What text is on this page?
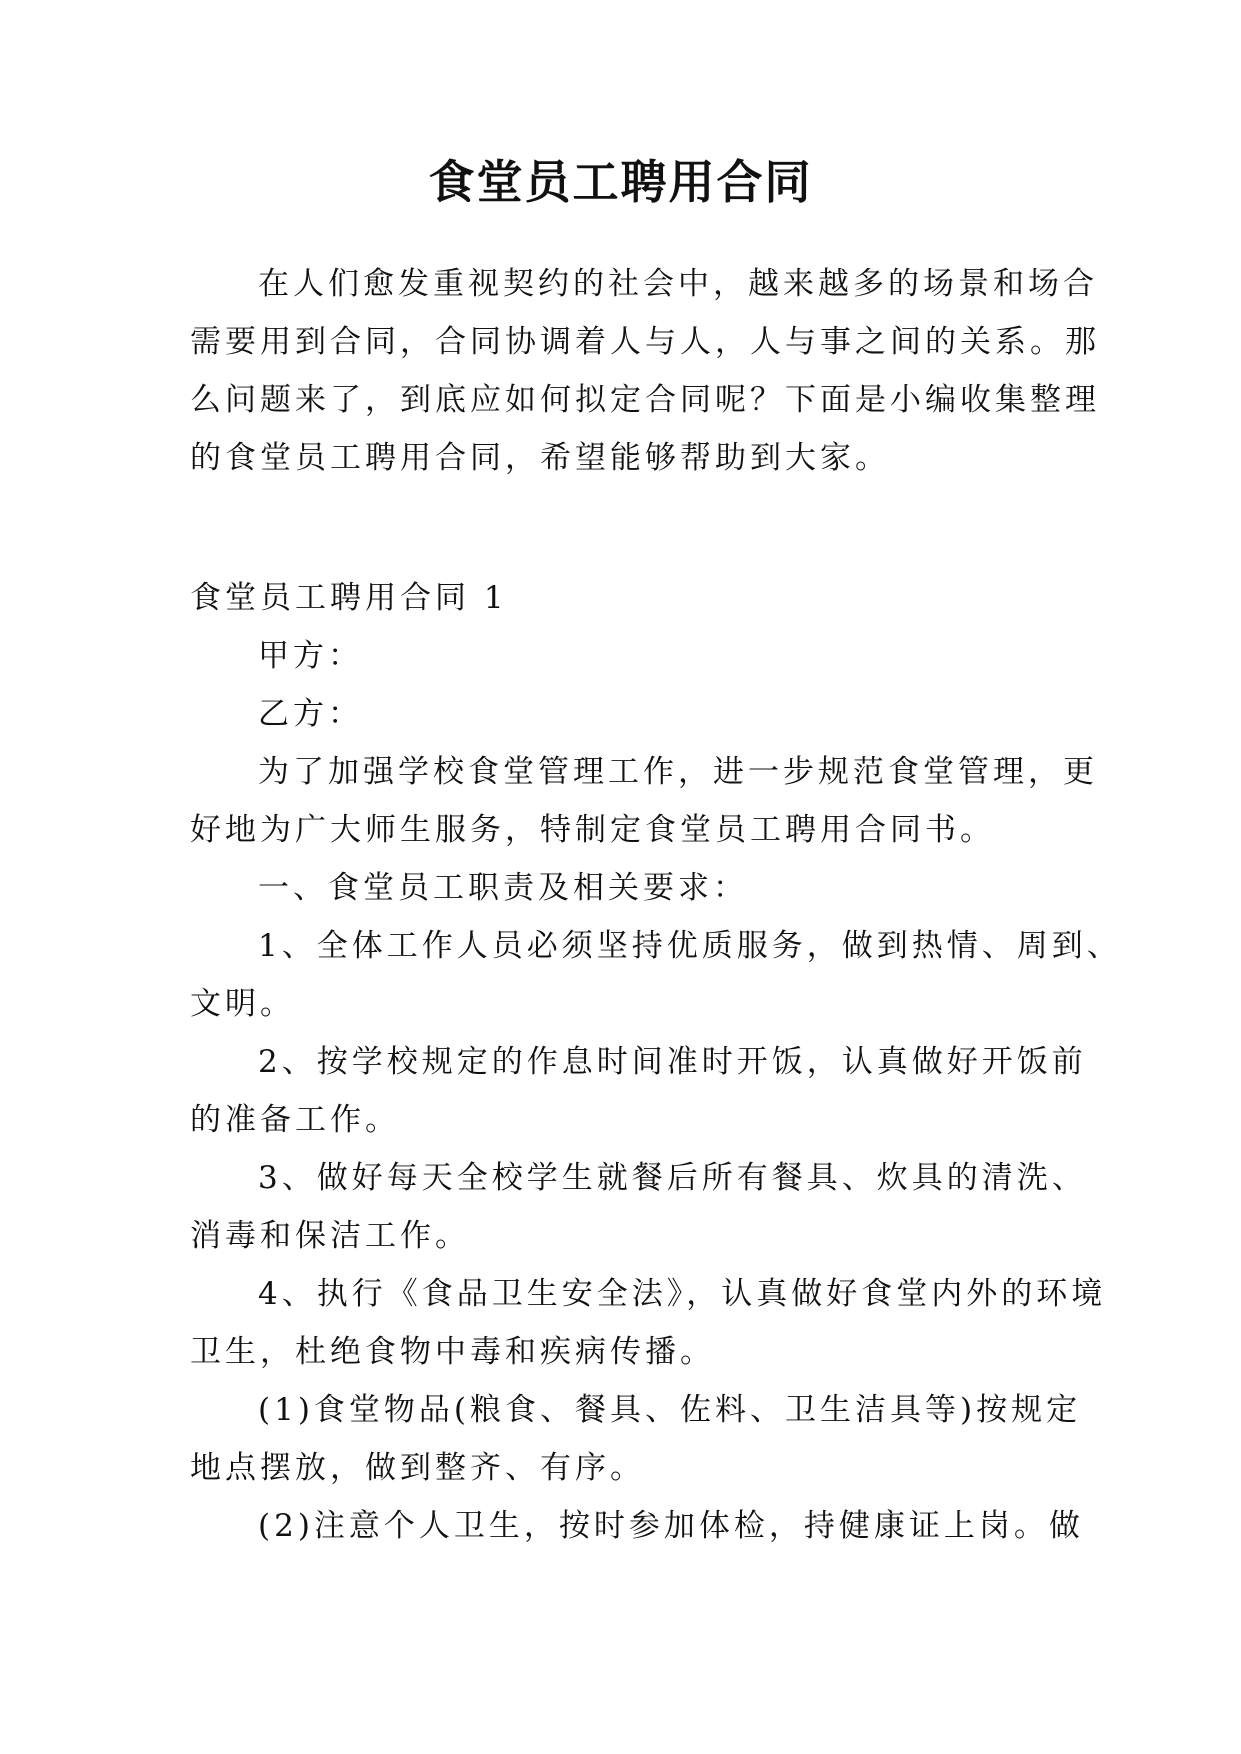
食堂员工聘用合同
在人们愈发重视契约的社会中，越来越多的场景和场合
需要用到合同，合同协调着人与人，人与事之间的关系。那
么问题来了，到底应如何拟定合同呢？下面是小编收集整理
的食堂员工聘用合同，希望能够帮助到大家。
食堂员工聘用合同 1
甲方：
乙方：
为了加强学校食堂管理工作，进一步规范食堂管理，更
好地为广大师生服务，特制定食堂员工聘用合同书。
一、食堂员工职责及相关要求：
1、全体工作人员必须坚持优质服务，做到热情、周到、
文明。
2、按学校规定的作息时间准时开饭，认真做好开饭前
的准备工作。
3、做好每天全校学生就餐后所有餐具、炊具的清洗、
消毒和保洁工作。
4、执行《食品卫生安全法》，认真做好食堂内外的环境
卫生，杜绝食物中毒和疾病传播。
(1)食堂物品(粮食、餐具、佐料、卫生洁具等)按规定
地点摆放，做到整齐、有序。
(2)注意个人卫生，按时参加体检，持健康证上岗。做
